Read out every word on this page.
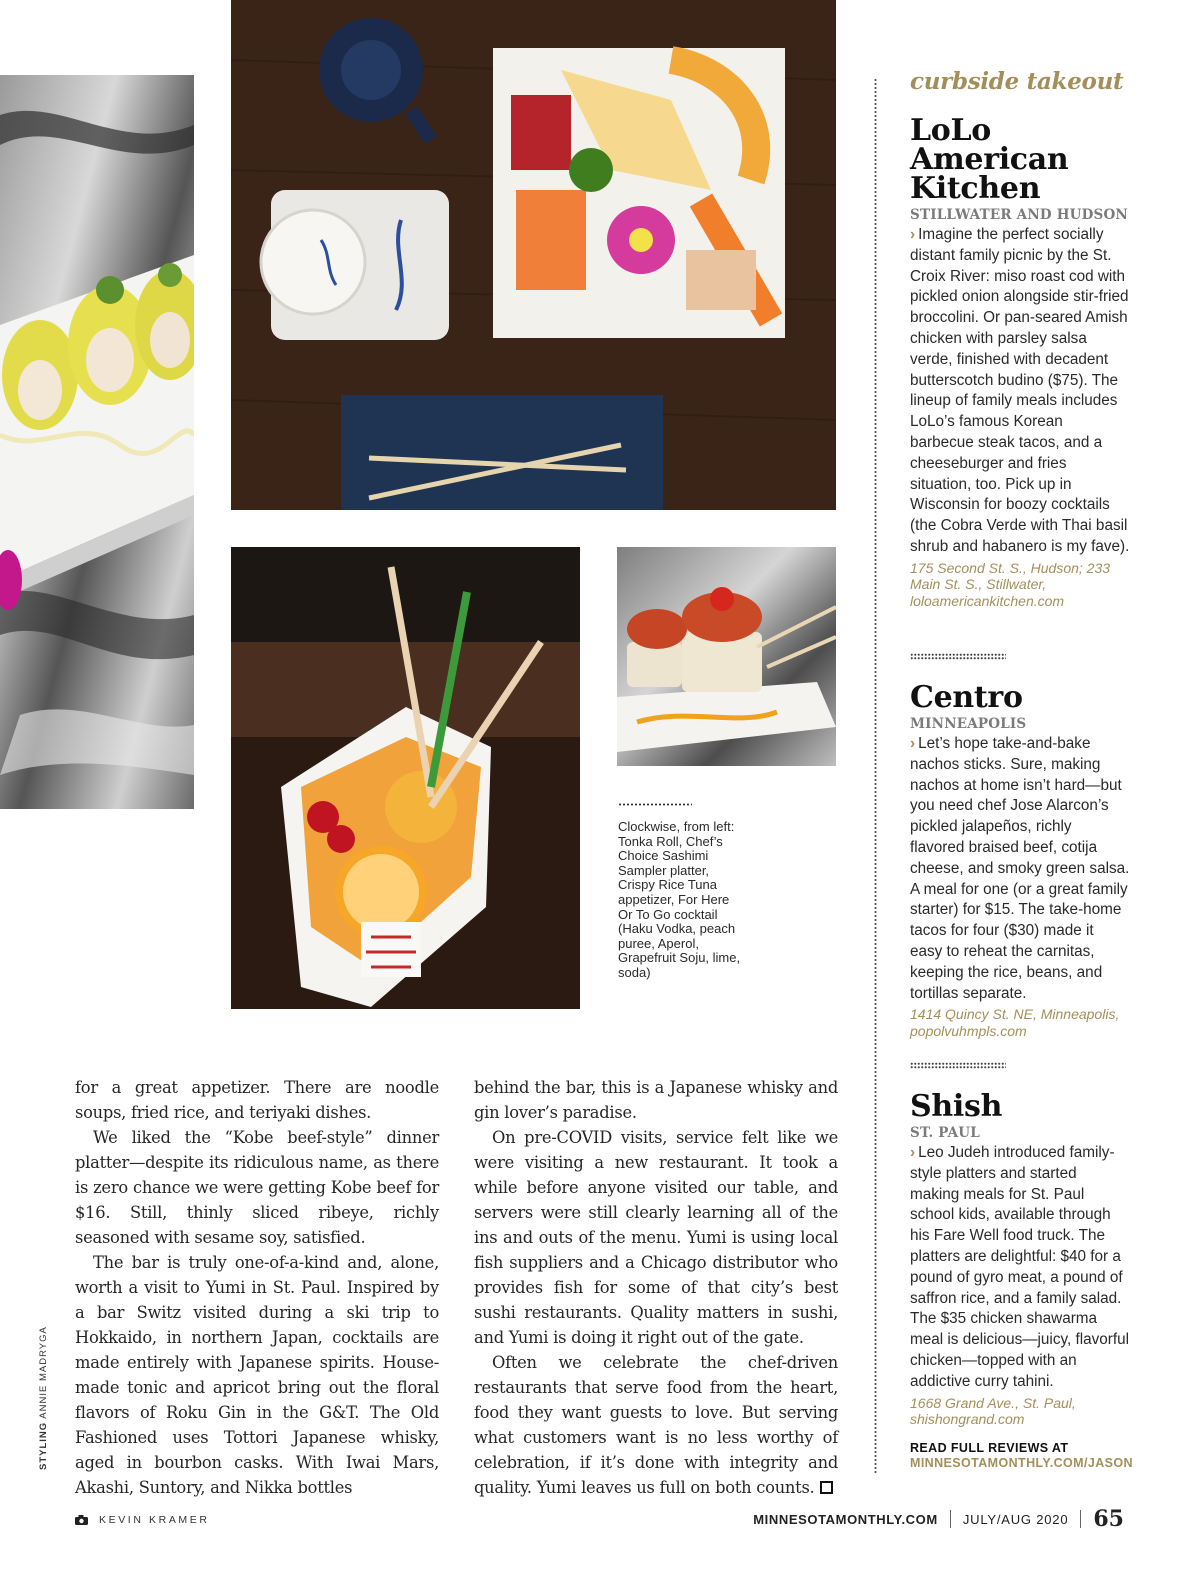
Clockwise, from left: Tonka Roll, Chef’s Choice Sashimi Sampler platter, Crispy Rice Tuna appetizer, For Here Or To Go cocktail (Haku Vodka, peach puree, Aperol, Grapefruit Soju, lime, soda)

for a great appetizer. There are noodle soups, fried rice, and teriyaki dishes.

We liked the “Kobe beef-style” dinner platter—despite its ridiculous name, as there is zero chance we were getting Kobe beef for $16. Still, thinly sliced ribeye, richly seasoned with sesame soy, satisfied.

The bar is truly one-of-a-kind and, alone, worth a visit to Yumi in St. Paul. Inspired by a bar Switz visited during a ski trip to Hokkaido, in northern Japan, cocktails are made entirely with Japanese spirits. House-made tonic and apricot bring out the floral flavors of Roku Gin in the G&T. The Old Fashioned uses Tottori Japanese whisky, aged in bourbon casks. With Iwai Mars, Akashi, Suntory, and Nikka bottles

behind the bar, this is a Japanese whisky and gin lover’s paradise.

On pre-COVID visits, service felt like we were visiting a new restaurant. It took a while before anyone visited our table, and servers were still clearly learning all of the ins and outs of the menu. Yumi is using local fish suppliers and a Chicago distributor who provides fish for some of that city’s best sushi restaurants. Quality matters in sushi, and Yumi is doing it right out of the gate.

Often we celebrate the chef-driven restaurants that serve food from the heart, food they want guests to love. But serving what customers want is no less worthy of celebration, if it’s done with integrity and quality. Yumi leaves us full on both counts.

curbside takeout
LoLo American Kitchen
STILLWATER AND HUDSON
› Imagine the perfect socially distant family picnic by the St. Croix River: miso roast cod with pickled onion alongside stir-fried broccolini. Or pan-seared Amish chicken with parsley salsa verde, finished with decadent butterscotch budino ($75). The lineup of family meals includes LoLo’s famous Korean barbecue steak tacos, and a cheeseburger and fries situation, too. Pick up in Wisconsin for boozy cocktails (the Cobra Verde with Thai basil shrub and habanero is my fave).
175 Second St. S., Hudson; 233 Main St. S., Stillwater, loloamericankitchen.com
Centro
MINNEAPOLIS
› Let’s hope take-and-bake nachos sticks. Sure, making nachos at home isn’t hard—but you need chef Jose Alarcon’s pickled jalapeños, richly flavored braised beef, cotija cheese, and smoky green salsa. A meal for one (or a great family starter) for $15. The take-home tacos for four ($30) made it easy to reheat the carnitas, keeping the rice, beans, and tortillas separate.
1414 Quincy St. NE, Minneapolis, popolvuhmpls.com
Shish
ST. PAUL
› Leo Judeh introduced family-style platters and started making meals for St. Paul school kids, available through his Fare Well food truck. The platters are delightful: $40 for a pound of gyro meat, a pound of saffron rice, and a family salad. The $35 chicken shawarma meal is delicious—juicy, flavorful chicken—topped with an addictive curry tahini.
1668 Grand Ave., St. Paul, shishongrand.com
READ FULL REVIEWS AT
MINNESOTAMONTHLY.COM/JASON
STYLING ANNIE MADRYGA
KEVIN KRAMER	MINNESOTAMONTHLY.COM JULY/AUG 2020 65
